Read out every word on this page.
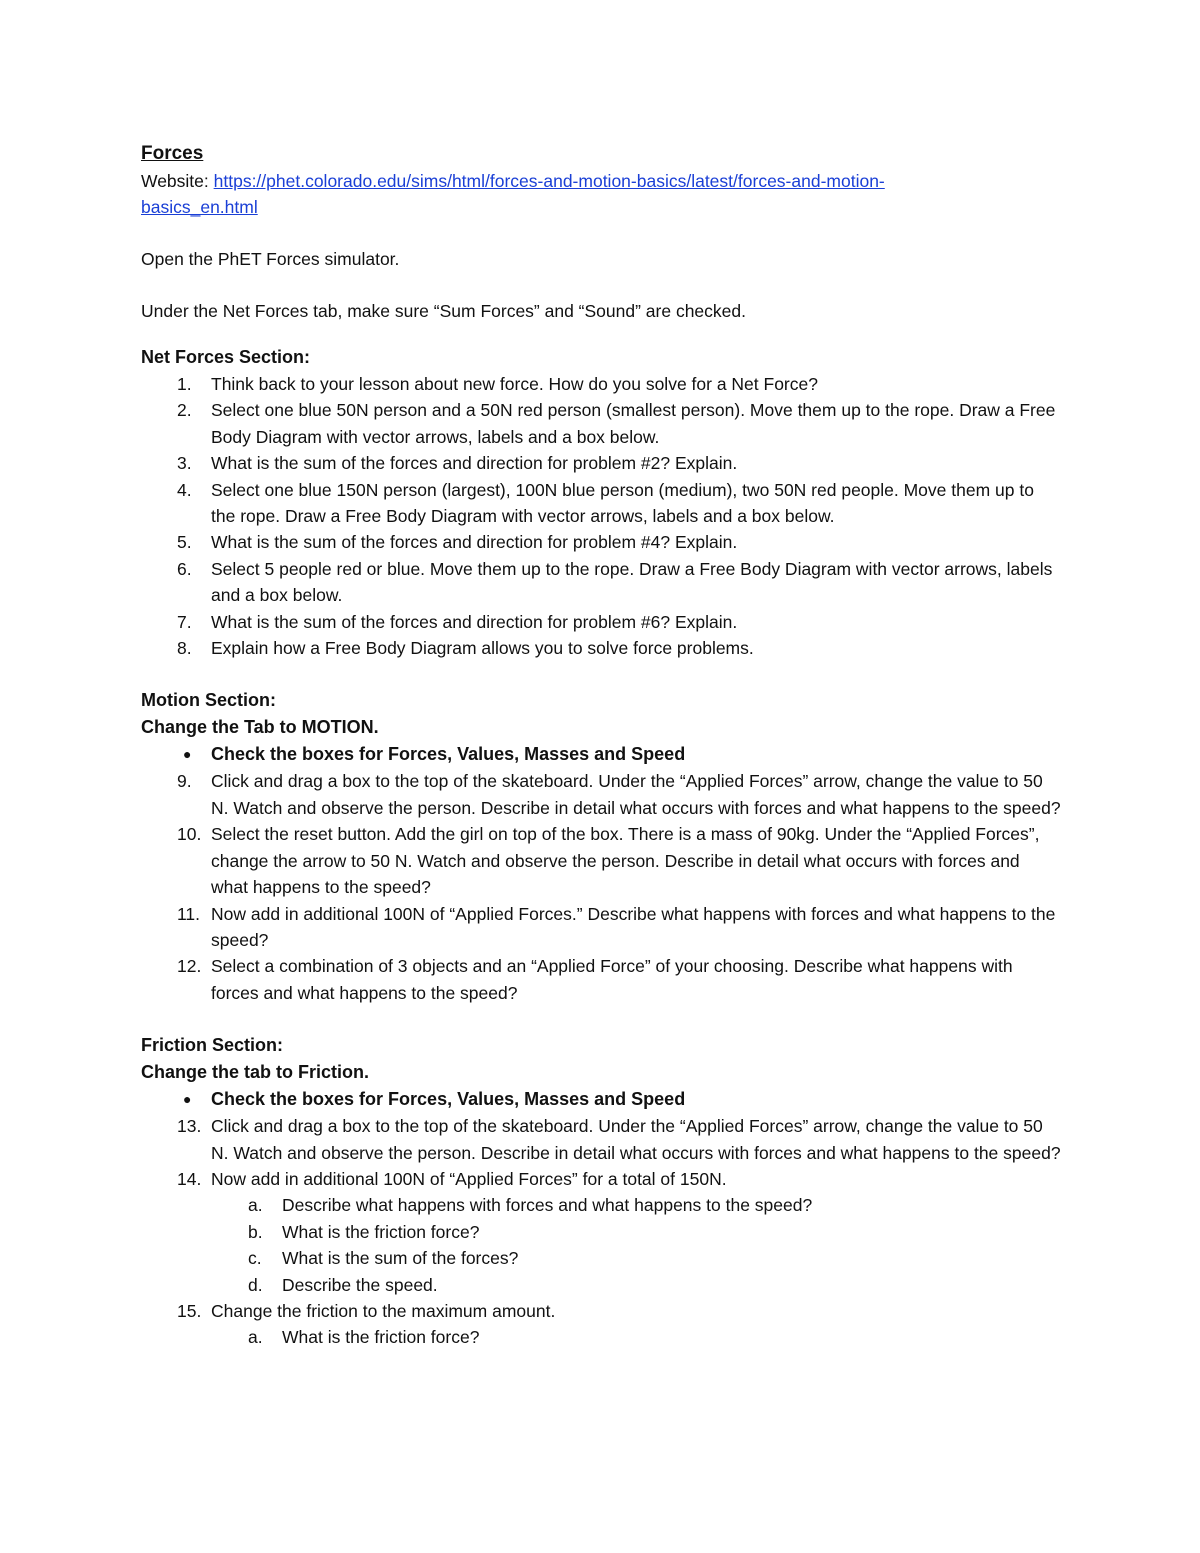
Forces
Website: https://phet.colorado.edu/sims/html/forces-and-motion-basics/latest/forces-and-motion-
basics_en.html
Open the PhET Forces simulator.
Under the Net Forces tab, make sure “Sum Forces” and “Sound” are checked.
Net Forces Section:
1. Think back to your lesson about new force. How do you solve for a Net Force?
2. Select one blue 50N person and a 50N red person (smallest person). Move them up to the rope. Draw a Free Body Diagram with vector arrows, labels and a box below.
3. What is the sum of the forces and direction for problem #2? Explain.
4. Select one blue 150N person (largest), 100N blue person (medium), two 50N red people. Move them up to the rope. Draw a Free Body Diagram with vector arrows, labels and a box below.
5. What is the sum of the forces and direction for problem #4? Explain.
6. Select 5 people red or blue. Move them up to the rope. Draw a Free Body Diagram with vector arrows, labels and a box below.
7. What is the sum of the forces and direction for problem #6? Explain.
8. Explain how a Free Body Diagram allows you to solve force problems.
Motion Section:
Change the Tab to MOTION.
● Check the boxes for Forces, Values, Masses and Speed
9. Click and drag a box to the top of the skateboard. Under the “Applied Forces” arrow, change the value to 50 N. Watch and observe the person. Describe in detail what occurs with forces and what happens to the speed?
10. Select the reset button. Add the girl on top of the box. There is a mass of 90kg. Under the “Applied Forces”, change the arrow to 50 N. Watch and observe the person. Describe in detail what occurs with forces and what happens to the speed?
11. Now add in additional 100N of “Applied Forces.” Describe what happens with forces and what happens to the speed?
12. Select a combination of 3 objects and an “Applied Force” of your choosing. Describe what happens with forces and what happens to the speed?
Friction Section:
Change the tab to Friction.
● Check the boxes for Forces, Values, Masses and Speed
13. Click and drag a box to the top of the skateboard. Under the “Applied Forces” arrow, change the value to 50 N. Watch and observe the person. Describe in detail what occurs with forces and what happens to the speed?
14. Now add in additional 100N of “Applied Forces” for a total of 150N.
a. Describe what happens with forces and what happens to the speed?
b. What is the friction force?
c. What is the sum of the forces?
d. Describe the speed.
15. Change the friction to the maximum amount.
a. What is the friction force?
